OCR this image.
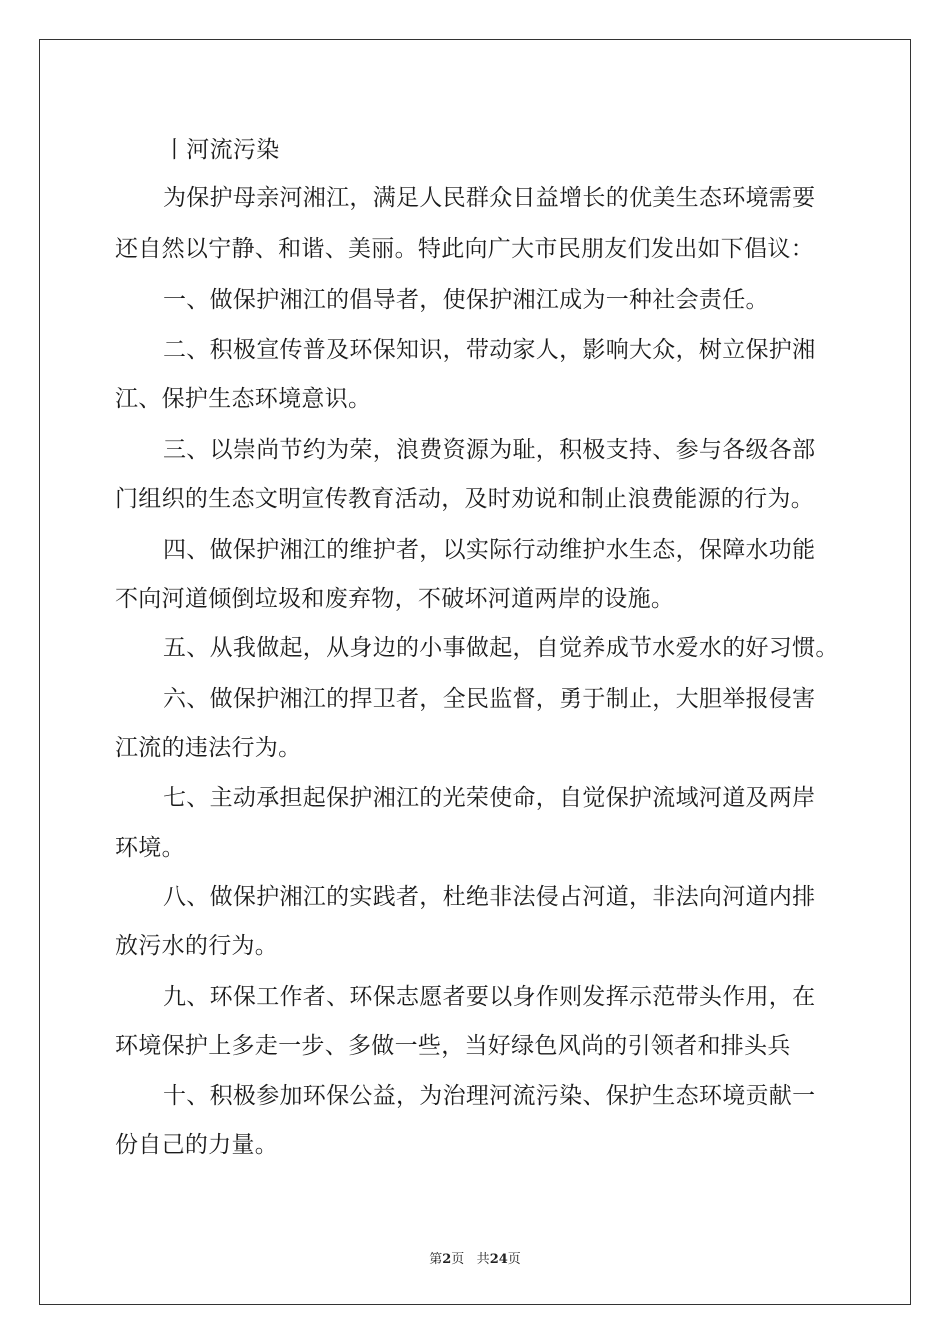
丨河流污染
为保护母亲河湘江，满足人民群众日益增长的优美生态环境需要
还自然以宁静、和谐、美丽。特此向广大市民朋友们发出如下倡议：
一、做保护湘江的倡导者，使保护湘江成为一种社会责任。
二、积极宣传普及环保知识，带动家人，影响大众，树立保护湘
江、保护生态环境意识。
三、以崇尚节约为荣，浪费资源为耻，积极支持、参与各级各部
门组织的生态文明宣传教育活动，及时劝说和制止浪费能源的行为。
四、做保护湘江的维护者，以实际行动维护水生态，保障水功能
不向河道倾倒垃圾和废弃物，不破坏河道两岸的设施。
五、从我做起，从身边的小事做起，自觉养成节水爱水的好习惯。
六、做保护湘江的捍卫者，全民监督，勇于制止，大胆举报侵害
江流的违法行为。
七、主动承担起保护湘江的光荣使命，自觉保护流域河道及两岸
环境。
八、做保护湘江的实践者，杜绝非法侵占河道，非法向河道内排
放污水的行为。
九、环保工作者、环保志愿者要以身作则发挥示范带头作用，在
环境保护上多走一步、多做一些，当好绿色风尚的引领者和排头兵
十、积极参加环保公益，为治理河流污染、保护生态环境贡献一
份自己的力量。
第2页 共24页
